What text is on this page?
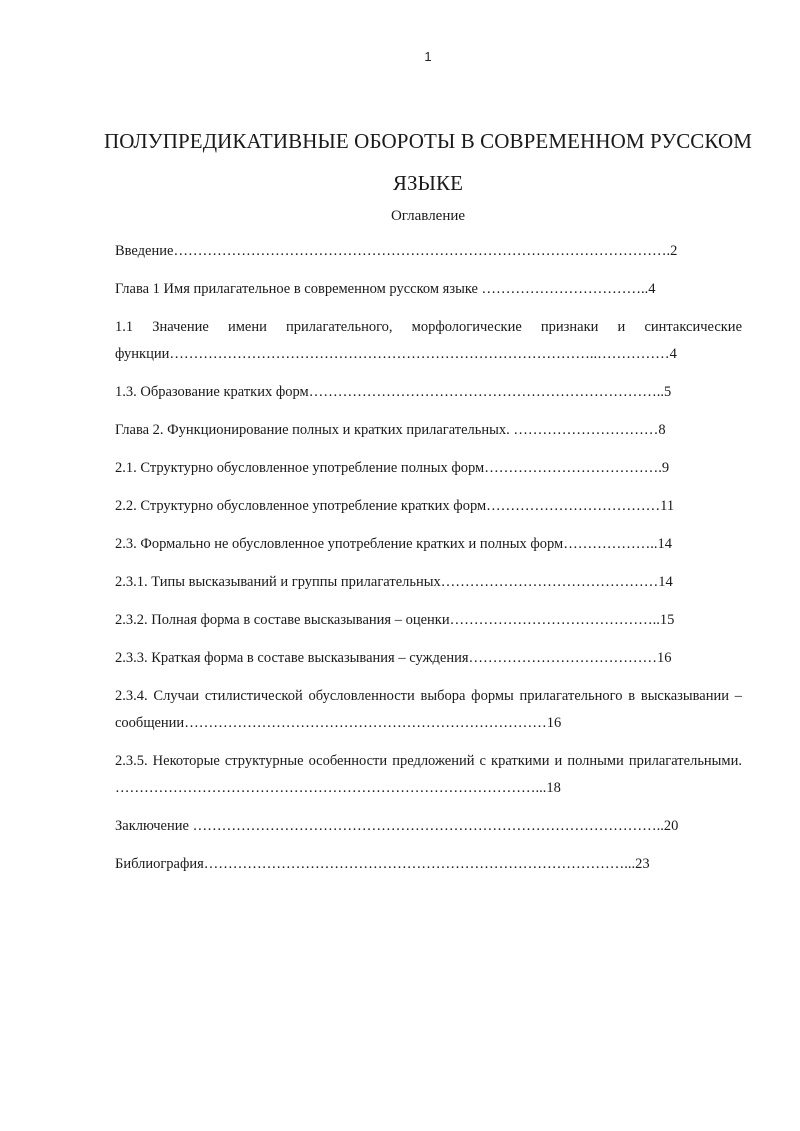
1
ПОЛУПРЕДИКАТИВНЫЕ ОБОРОТЫ В СОВРЕМЕННОМ РУССКОМ ЯЗЫКЕ
Оглавление
Введение………………………………………………………………………………………….2
Глава 1 Имя прилагательное в современном русском языке ……………………………..4
1.1 Значение имени прилагательного, морфологические признаки и синтаксические функции……………………………………………………………………………..……………4
1.3. Образование кратких форм………………………………………………………………..5
Глава 2. Функционирование полных и кратких прилагательных. …………………………8
2.1. Структурно обусловленное употребление полных форм……………………………….9
2.2. Структурно обусловленное употребление кратких форм………………………………11
2.3. Формально не обусловленное употребление кратких и полных форм………………..14
2.3.1. Типы высказываний и группы прилагательных………………………………………14
2.3.2. Полная форма в составе высказывания – оценки……………………………………..15
2.3.3. Краткая форма в составе высказывания – суждения…………………………………16
2.3.4. Случаи стилистической обусловленности выбора формы прилагательного в высказывании – сообщении…………………………………………………………………16
2.3.5. Некоторые структурные особенности предложений с краткими и полными прилагательными. ……………………………………………………………………………...18
Заключение ……………………………………………………………………………………..20
Библиография……………………………………………………………………………...23
